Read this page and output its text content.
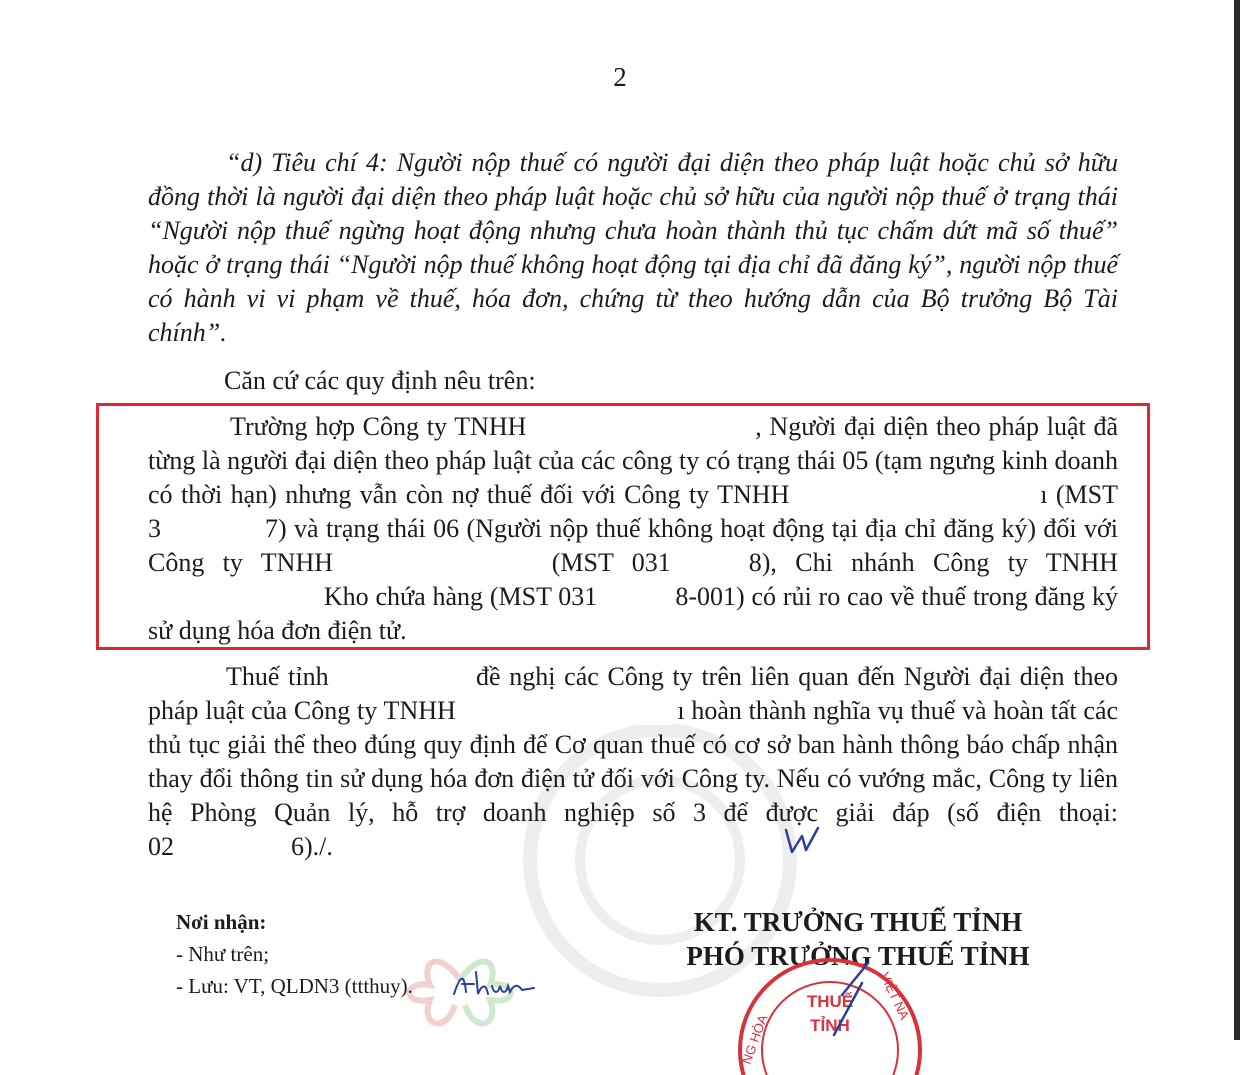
2
“d) Tiêu chí 4: Người nộp thuế có người đại diện theo pháp luật hoặc chủ sở hữu đồng thời là người đại diện theo pháp luật hoặc chủ sở hữu của người nộp thuế ở trạng thái “Người nộp thuế ngừng hoạt động nhưng chưa hoàn thành thủ tục chấm dứt mã số thuế” hoặc ở trạng thái “Người nộp thuế không hoạt động tại địa chỉ đã đăng ký”, người nộp thuế có hành vi vi phạm về thuế, hóa đơn, chứng từ theo hướng dẫn của Bộ trưởng Bộ Tài chính”.
Căn cứ các quy định nêu trên:
Trường hợp Công ty TNHH	, Người đại diện theo pháp luật đã từng là người đại diện theo pháp luật của các công ty có trạng thái 05 (tạm ngưng kinh doanh có thời hạn) nhưng vẫn còn nợ thuế đối với Công ty TNHH	ı (MST 3	7) và trạng thái 06 (Người nộp thuế không hoạt động tại địa chỉ đăng ký) đối với Công ty TNHH	(MST 031	8), Chi nhánh Công ty TNHH Kho chứa hàng (MST 031	8-001) có rủi ro cao về thuế trong đăng ký sử dụng hóa đơn điện tử.
Thuế tỉnh	đề nghị các Công ty trên liên quan đến Người đại diện theo pháp luật của Công ty TNHH	ı hoàn thành nghĩa vụ thuế và hoàn tất các thủ tục giải thể theo đúng quy định để Cơ quan thuế có cơ sở ban hành thông báo chấp nhận thay đổi thông tin sử dụng hóa đơn điện tử đối với Công ty. Nếu có vướng mắc, Công ty liên hệ Phòng Quản lý, hỗ trợ doanh nghiệp số 3 để được giải đáp (số điện thoại: 02	6)./.
Nơi nhận:
- Như trên;
- Lưu: VT, QLDN3 (ttthuy).
KT. TRƯỞNG THUẾ TỈNH
PHÓ TRƯỞNG THUẾ TỈNH
THUẾ
TỈNH
NG HÒA
VIỆT NA
